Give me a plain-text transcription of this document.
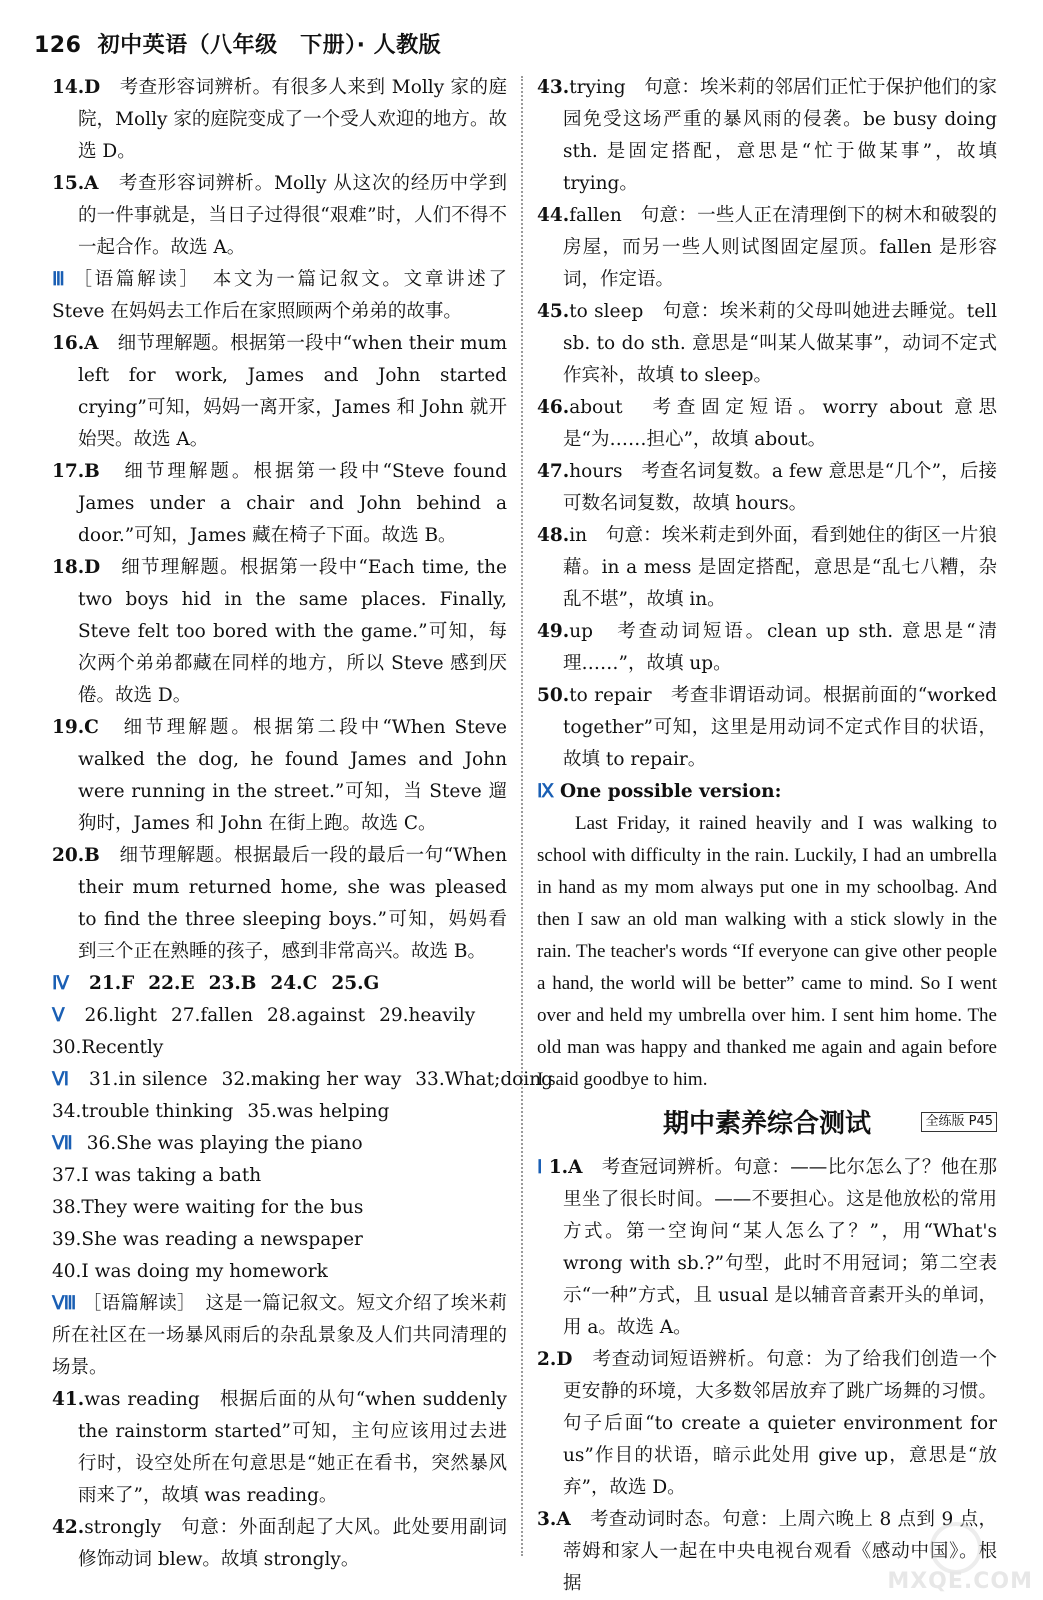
126 初中英语（八年级　下册）· 人教版

14.D　 考查形容词辨析。有很多人来到 Molly 家的庭院，Molly 家的庭院变成了一个受人欢迎的地方。故选 D。

15.A　 考查形容词辨析。Molly 从这次的经历中学到的一件事就是，当日子过得很“艰难”时，人们不得不一起合作。故选 A。

Ⅲ ［语篇解读］　本文为一篇记叙文。文章讲述了 Steve 在妈妈去工作后在家照顾两个弟弟的故事。

16.A　 细节理解题。根据第一段中“when their mum left for work, James and John started crying”可知，妈妈一离开家，James 和 John 就开始哭。故选 A。

17.B　 细节理解题。根据第一段中“Steve found James under a chair and John behind a door.”可知，James 藏在椅子下面。故选 B。

18.D　 细节理解题。根据第一段中“Each time, the two boys hid in the same places. Finally, Steve felt too bored with the game.”可知，每次两个弟弟都藏在同样的地方，所以 Steve 感到厌倦。故选 D。

19.C　 细节理解题。根据第二段中“When Steve walked the dog, he found James and John were running in the street.”可知，当 Steve 遛狗时，James 和 John 在街上跑。故选 C。

20.B　 细节理解题。根据最后一段的最后一句“When their mum returned home, she was pleased to find the three sleeping boys.”可知，妈妈看到三个正在熟睡的孩子，感到非常高兴。故选 B。

Ⅳ 21.F 22.E 23.B 24.C 25.G

Ⅴ 26.light 27.fallen 28.against 29.heavily

30.Recently

Ⅵ 31.in silence 32.making her way 33.What;doing

34.trouble thinking 35.was helping

Ⅶ 36.She was playing the piano

37.I was taking a bath

38.They were waiting for the bus

39.She was reading a newspaper

40.I was doing my homework

Ⅷ ［语篇解读］　这是一篇记叙文。短文介绍了埃米莉所在社区在一场暴风雨后的杂乱景象及人们共同清理的场景。

41.was reading　 根据后面的从句“when suddenly the rainstorm started”可知，主句应该用过去进行时，设空处所在句意思是“她正在看书，突然暴风雨来了”，故填 was reading。

42.strongly　 句意：外面刮起了大风。此处要用副词修饰动词 blew。故填 strongly。

43.trying　 句意：埃米莉的邻居们正忙于保护他们的家园免受这场严重的暴风雨的侵袭。be busy doing sth. 是固定搭配，意思是“忙于做某事”，故填 trying。

44.fallen　 句意：一些人正在清理倒下的树木和破裂的房屋，而另一些人则试图固定屋顶。fallen 是形容词，作定语。

45.to sleep　 句意：埃米莉的父母叫她进去睡觉。tell sb. to do sth. 意思是“叫某人做某事”，动词不定式作宾补，故填 to sleep。

46.about　 考查固定短语。worry about 意思是“为……担心”，故填 about。

47.hours　 考查名词复数。a few 意思是“几个”，后接可数名词复数，故填 hours。

48.in　 句意：埃米莉走到外面，看到她住的街区一片狼藉。in a mess 是固定搭配，意思是“乱七八糟，杂乱不堪”，故填 in。

49.up　 考查动词短语。clean up sth. 意思是“清理……”，故填 up。

50.to repair　 考查非谓语动词。根据前面的“worked together”可知，这里是用动词不定式作目的状语，故填 to repair。

Ⅸ One possible version:

Last Friday, it rained heavily and I was walking to school with difficulty in the rain. Luckily, I had an umbrella in hand as my mom always put one in my schoolbag. And then I saw an old man walking with a stick slowly in the rain. The teacher's words “If everyone can give other people a hand, the world will be better” came to mind. So I went over and held my umbrella over him. I sent him home. The old man was happy and thanked me again and again before I said goodbye to him.

期中素养综合测试	全练版 P45

Ⅰ 1.A　 考查冠词辨析。句意：——比尔怎么了？他在那里坐了很长时间。——不要担心。这是他放松的常用方式。第一空询问“某人怎么了？”，用“What's wrong with sb.?”句型，此时不用冠词；第二空表示“一种”方式，且 usual 是以辅音音素开头的单词，用 a。故选 A。

2.D　 考查动词短语辨析。句意：为了给我们创造一个更安静的环境，大多数邻居放弃了跳广场舞的习惯。句子后面“to create a quieter environment for us”作目的状语，暗示此处用 give up，意思是“放弃”，故选 D。

3.A　 考查动词时态。句意：上周六晚上 8 点到 9 点，蒂姆和家人一起在中央电视台观看《感动中国》。根据	MXQE.COM
